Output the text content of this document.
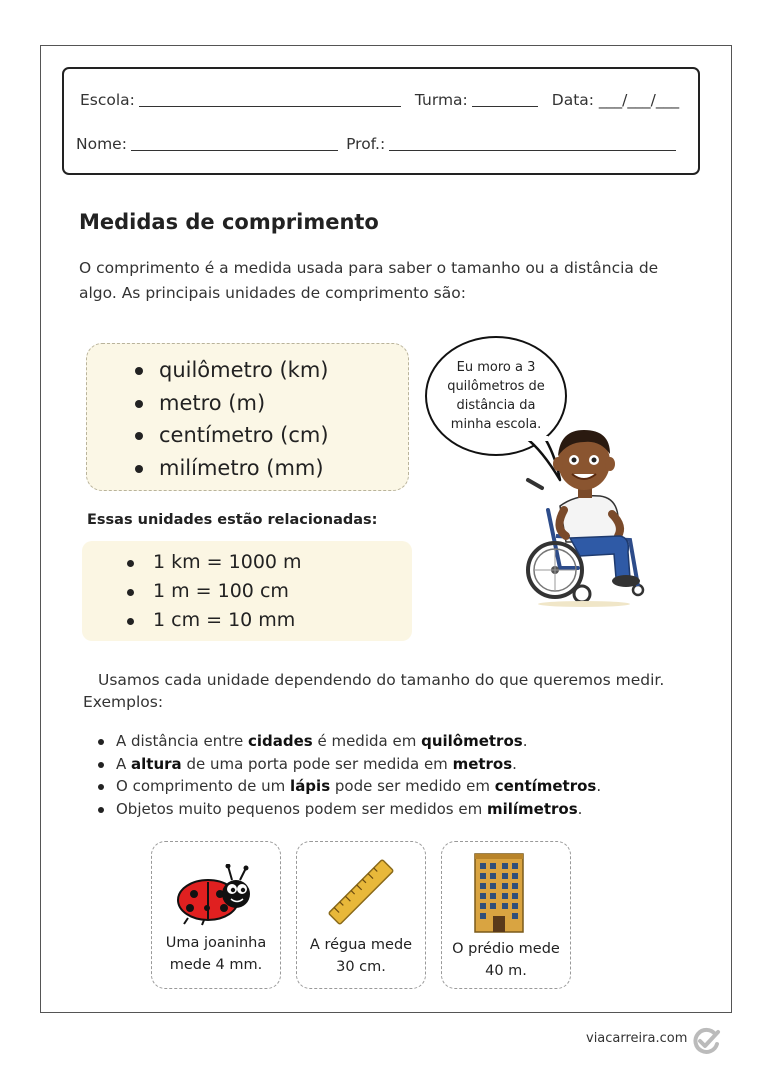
Escola:	Turma:	Data: ___/___/___
Nome:	Prof.:
Medidas de comprimento
O comprimento é a medida usada para saber o tamanho ou a distância de algo. As principais unidades de comprimento são:
quilômetro (km)
metro (m)
centímetro (cm)
milímetro (mm)
Essas unidades estão relacionadas:
1 km = 1000 m
1 m = 100 cm
1 cm = 10 mm
Eu moro a 3 quilômetros de distância da minha escola.
Usamos cada unidade dependendo do tamanho do que queremos medir. Exemplos:
A distância entre cidades é medida em quilômetros.
A altura de uma porta pode ser medida em metros.
O comprimento de um lápis pode ser medido em centímetros.
Objetos muito pequenos podem ser medidos em milímetros.
Uma joaninha
mede 4 mm.
A régua mede
30 cm.
O prédio mede
40 m.
viacarreira.com
